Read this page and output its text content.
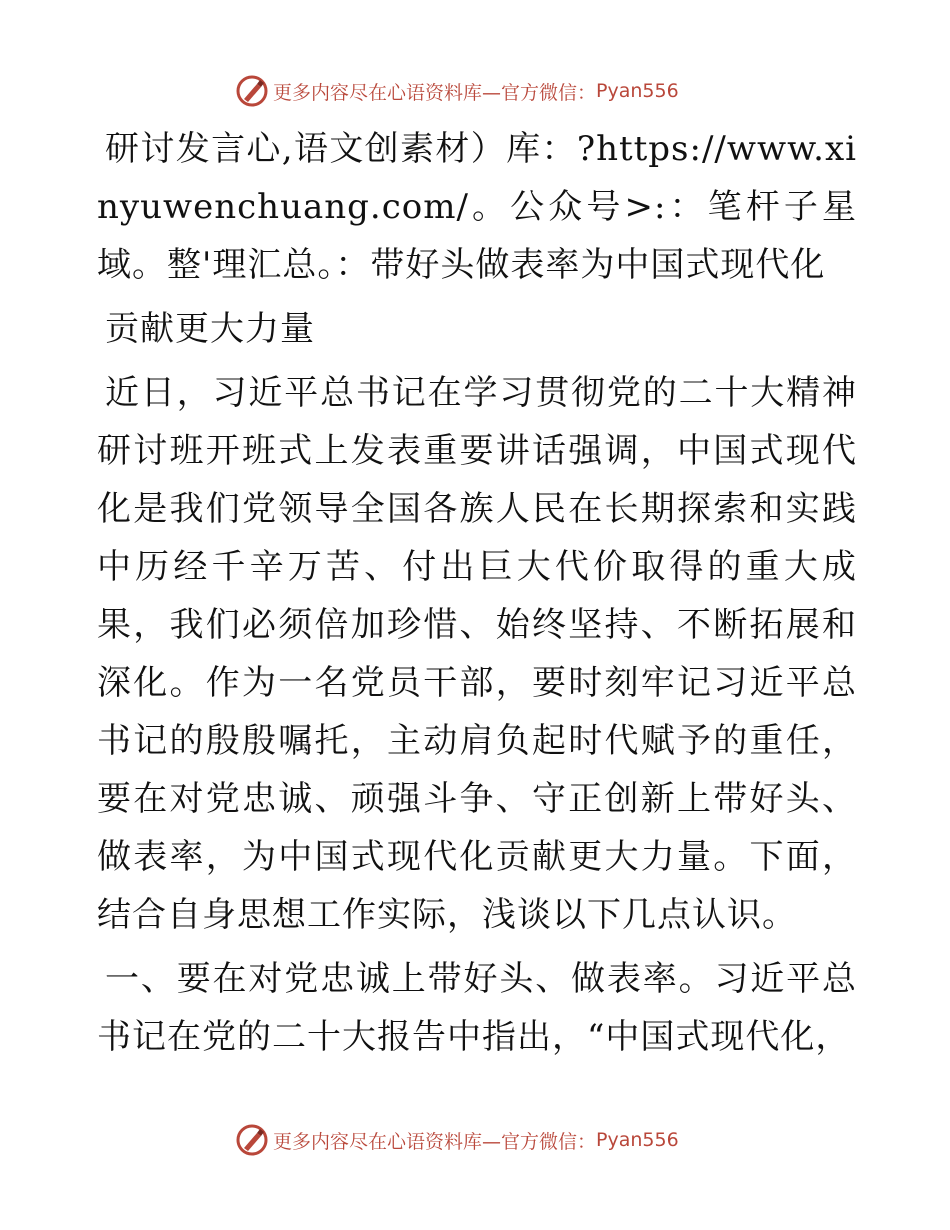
更多内容尽在心语资料库—官方微信： Pyan556

研讨发言心,语文创素材）库：?https://www.xinyuwenchuang.com/。公众号>:：笔杆子星域。整'理汇总。：带好头做表率为中国式现代化

贡献更大力量

近日，习近平总书记在学习贯彻党的二十大精神研讨班开班式上发表重要讲话强调，中国式现代化是我们党领导全国各族人民在长期探索和实践中历经千辛万苦、付出巨大代价取得的重大成果，我们必须倍加珍惜、始终坚持、不断拓展和深化。作为一名党员干部，要时刻牢记习近平总书记的殷殷嘱托，主动肩负起时代赋予的重任，要在对党忠诚、顽强斗争、守正创新上带好头、做表率，为中国式现代化贡献更大力量。下面，结合自身思想工作实际，浅谈以下几点认识。

一、要在对党忠诚上带好头、做表率。习近平总书记在党的二十大报告中指出，“中国式现代化，

更多内容尽在心语资料库—官方微信： Pyan556
